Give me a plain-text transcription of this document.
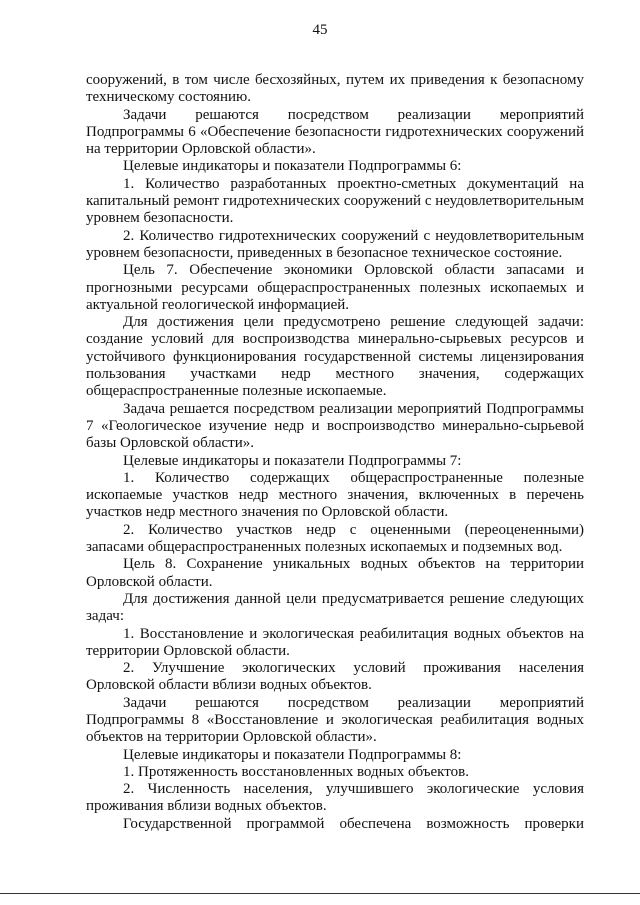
45

сооружений, в том числе бесхозяйных, путем их приведения к безопасному техническому состоянию.

Задачи решаются посредством реализации мероприятий Подпрограммы 6 «Обеспечение безопасности гидротехнических сооружений на территории Орловской области».

Целевые индикаторы и показатели Подпрограммы 6:

1. Количество разработанных проектно-сметных документаций на капитальный ремонт гидротехнических сооружений с неудовлетворительным уровнем безопасности.

2. Количество гидротехнических сооружений с неудовлетворительным уровнем безопасности, приведенных в безопасное техническое состояние.

Цель 7. Обеспечение экономики Орловской области запасами и прогнозными ресурсами общераспространенных полезных ископаемых и актуальной геологической информацией.

Для достижения цели предусмотрено решение следующей задачи: создание условий для воспроизводства минерально-сырьевых ресурсов и устойчивого функционирования государственной системы лицензирования пользования участками недр местного значения, содержащих общераспространенные полезные ископаемые.

Задача решается посредством реализации мероприятий Подпрограммы 7 «Геологическое изучение недр и воспроизводство минерально-сырьевой базы Орловской области».

Целевые индикаторы и показатели Подпрограммы 7:

1. Количество содержащих общераспространенные полезные ископаемые участков недр местного значения, включенных в перечень участков недр местного значения по Орловской области.

2. Количество участков недр с оцененными (переоцененными) запасами общераспространенных полезных ископаемых и подземных вод.

Цель 8. Сохранение уникальных водных объектов на территории Орловской области.

Для достижения данной цели предусматривается решение следующих задач:

1. Восстановление и экологическая реабилитация водных объектов на территории Орловской области.

2. Улучшение экологических условий проживания населения Орловской области вблизи водных объектов.

Задачи решаются посредством реализации мероприятий Подпрограммы 8 «Восстановление и экологическая реабилитация водных объектов на территории Орловской области».

Целевые индикаторы и показатели Подпрограммы 8:

1. Протяженность восстановленных водных объектов.

2. Численность населения, улучшившего экологические условия проживания вблизи водных объектов.

Государственной программой обеспечена возможность проверки
